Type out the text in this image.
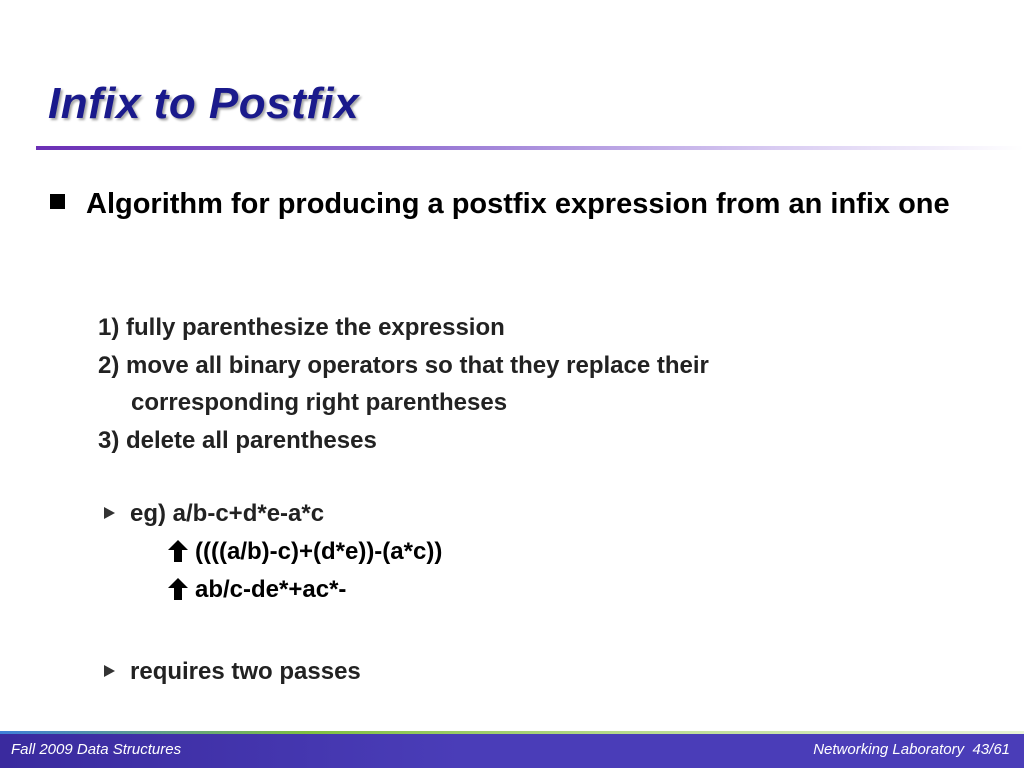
Infix to Postfix
Algorithm for producing a postfix expression from an infix one
1) fully parenthesize the expression
2) move all binary operators so that they replace their
corresponding right parentheses
3) delete all parentheses
eg) a/b-c+d*e-a*c
((((a/b)-c)+(d*e))-(a*c))
ab/c-de*+ac*-
requires two passes
Fall 2009 Data Structures	Networking Laboratory  43/61
